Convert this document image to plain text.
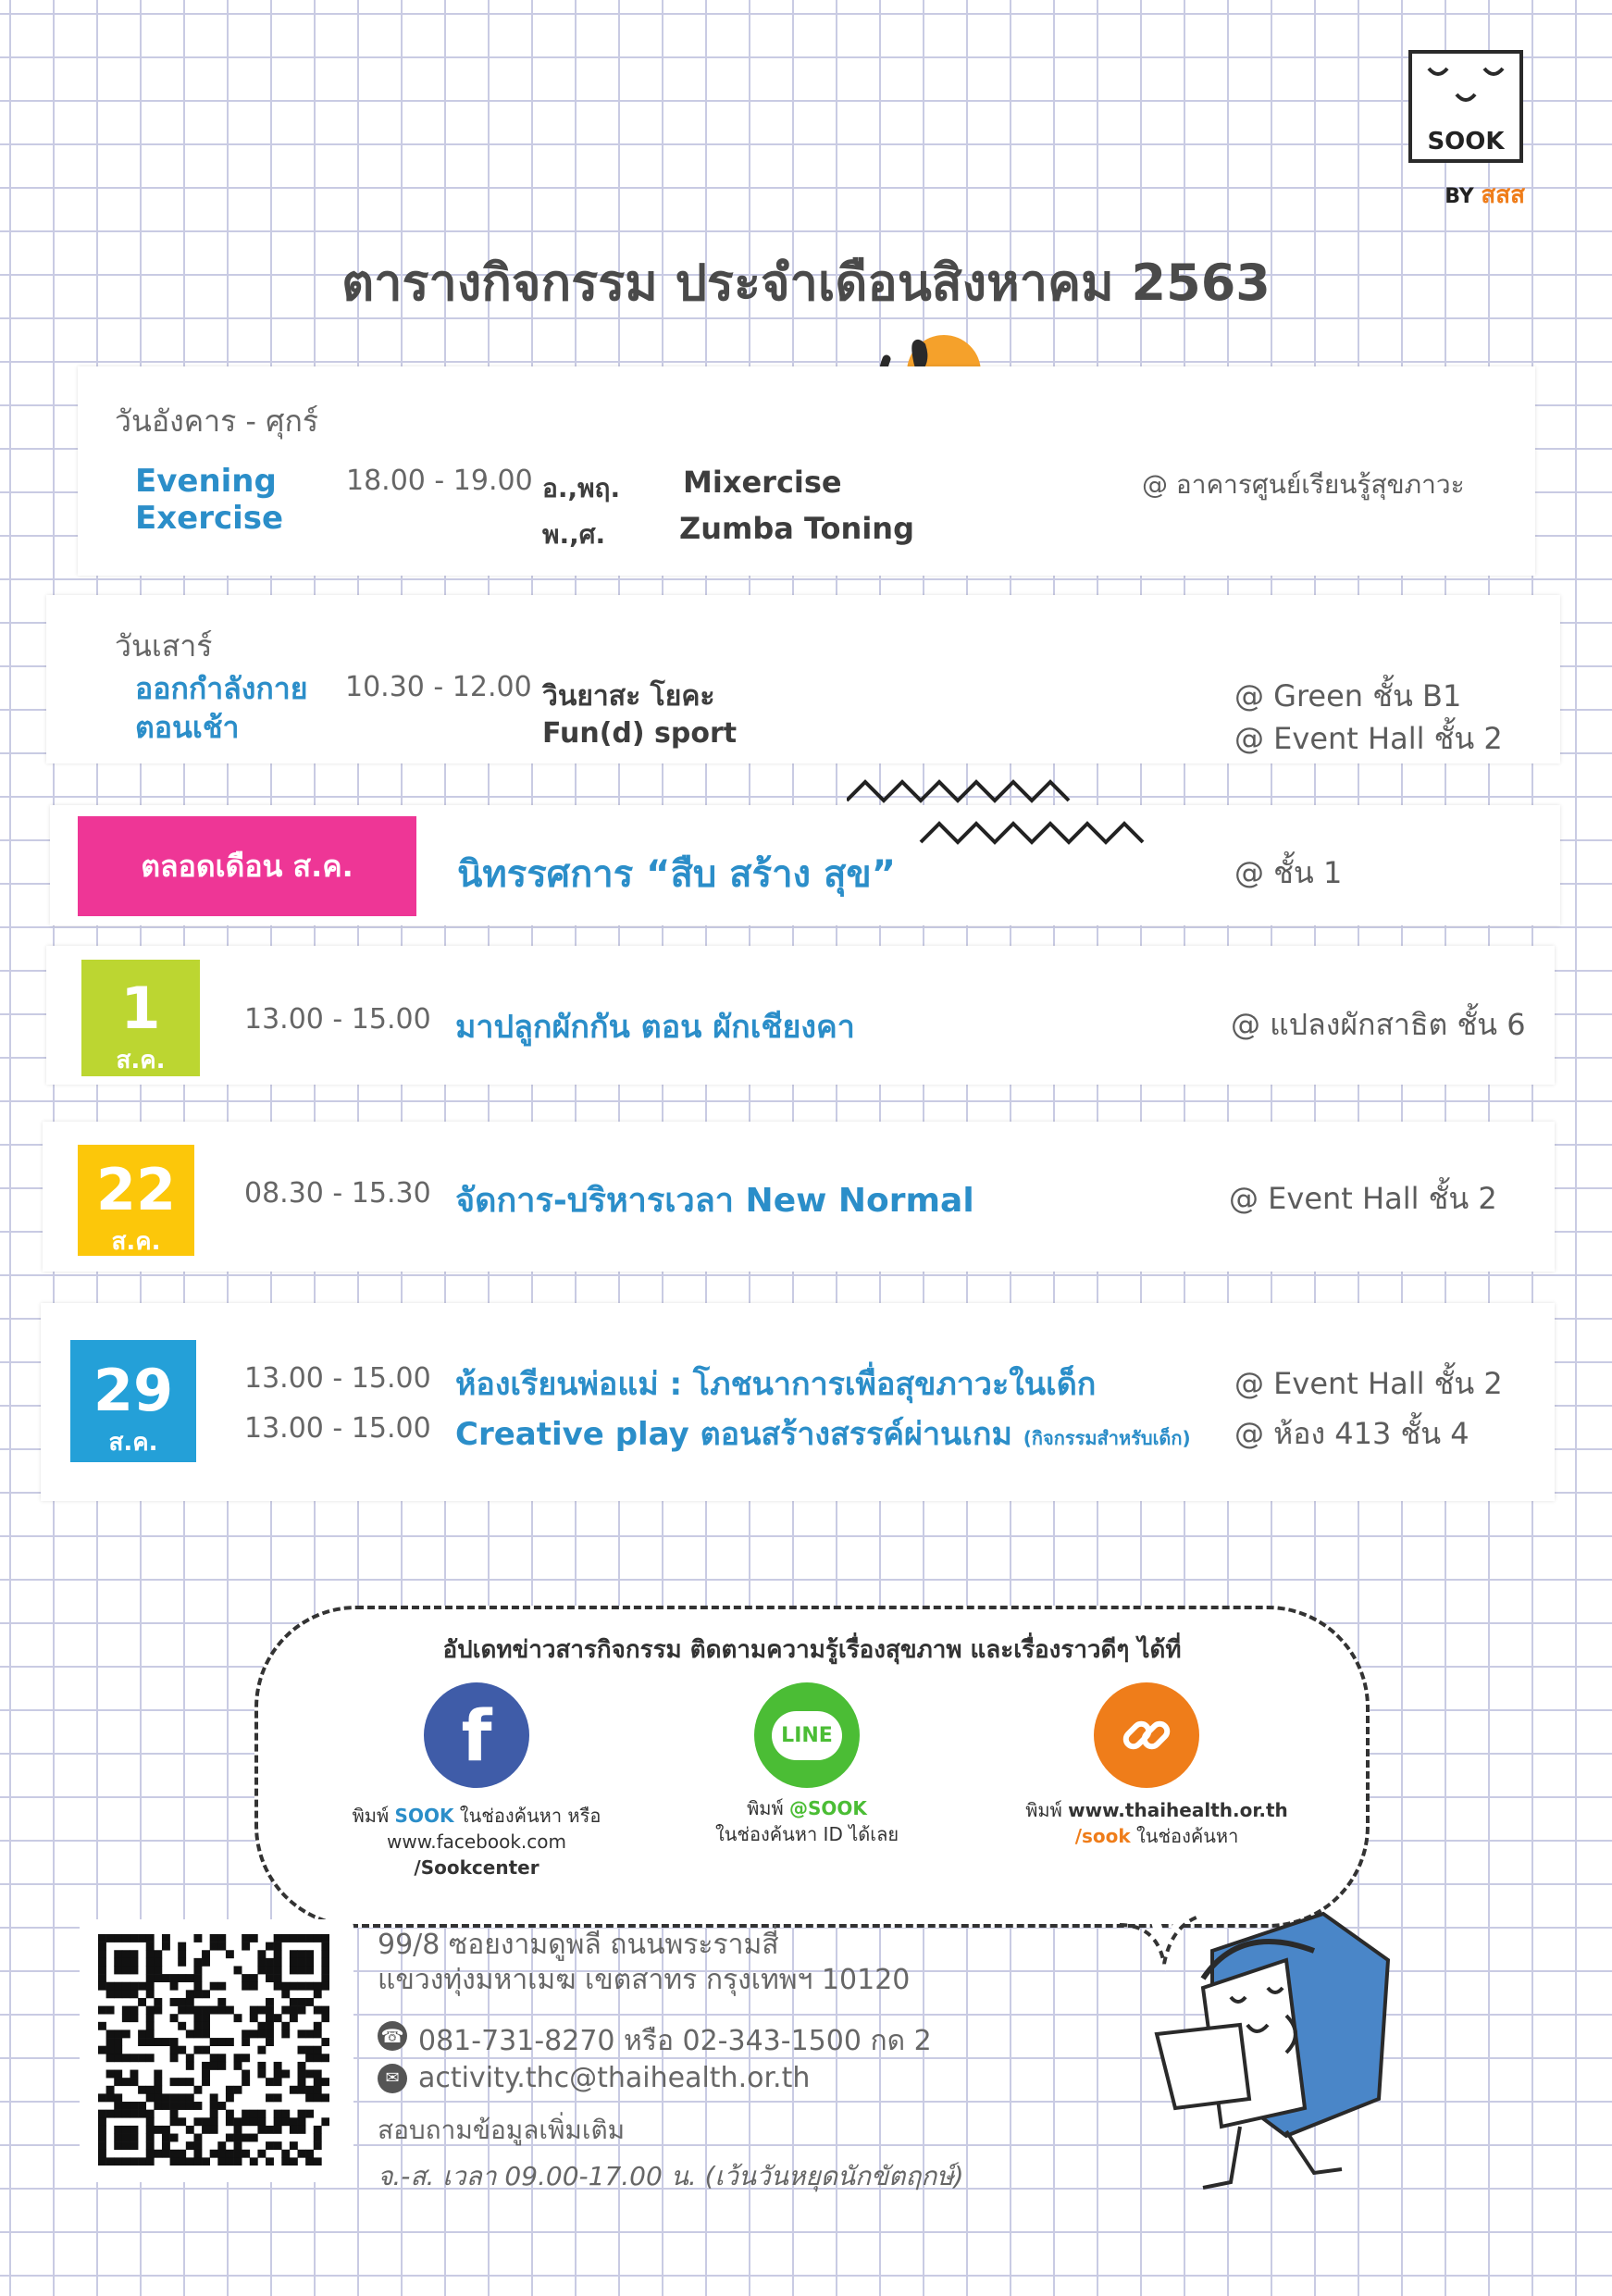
SOOK
BY สสส
ตารางกิจกรรม ประจำเดือนสิงหาคม 2563
วันอังคาร - ศุกร์
Evening
Exercise
18.00 - 19.00 อ.,พฤ. Mixercise
พ.,ศ. Zumba Toning
@ อาคารศูนย์เรียนรู้สุขภาวะ
วันเสาร์
ออกกำลังกาย
ตอนเช้า
10.30 - 12.00 วินยาสะ โยคะ
Fun(d) sport
@ Green ชั้น B1
@ Event Hall ชั้น 2
ตลอดเดือน ส.ค.	นิทรรศการ “สืบ สร้าง สุข”	@ ชั้น 1
1
ส.ค.
13.00 - 15.00 มาปลูกผักกัน ตอน ผักเชียงคา	@ แปลงผักสาธิต ชั้น 6
22
ส.ค.
08.30 - 15.30 จัดการ-บริหารเวลา New Normal	@ Event Hall ชั้น 2
29
ส.ค.
13.00 - 15.00 ห้องเรียนพ่อแม่ : โภชนาการเพื่อสุขภาวะในเด็ก	@ Event Hall ชั้น 2
13.00 - 15.00 Creative play ตอนสร้างสรรค์ผ่านเกม (กิจกรรมสำหรับเด็ก) @ ห้อง 413 ชั้น 4
อัปเดทข่าวสารกิจกรรม ติดตามความรู้เรื่องสุขภาพ และเรื่องราวดีๆ ได้ที่
f
พิมพ์ SOOK ในช่องค้นหา หรือ
www.facebook.com
/Sookcenter
LINE
พิมพ์ @SOOK
ในช่องค้นหา ID ได้เลย
พิมพ์ www.thaihealth.or.th
/sook ในช่องค้นหา
99/8 ซอยงามดูพลี ถนนพระรามสี่
แขวงทุ่งมหาเมฆ เขตสาทร กรุงเทพฯ 10120
☎ 081-731-8270 หรือ 02-343-1500 กด 2
✉ activity.thc@thaihealth.or.th
สอบถามข้อมูลเพิ่มเติม
จ.-ส. เวลา 09.00-17.00 น. (เว้นวันหยุดนักขัตฤกษ์)
